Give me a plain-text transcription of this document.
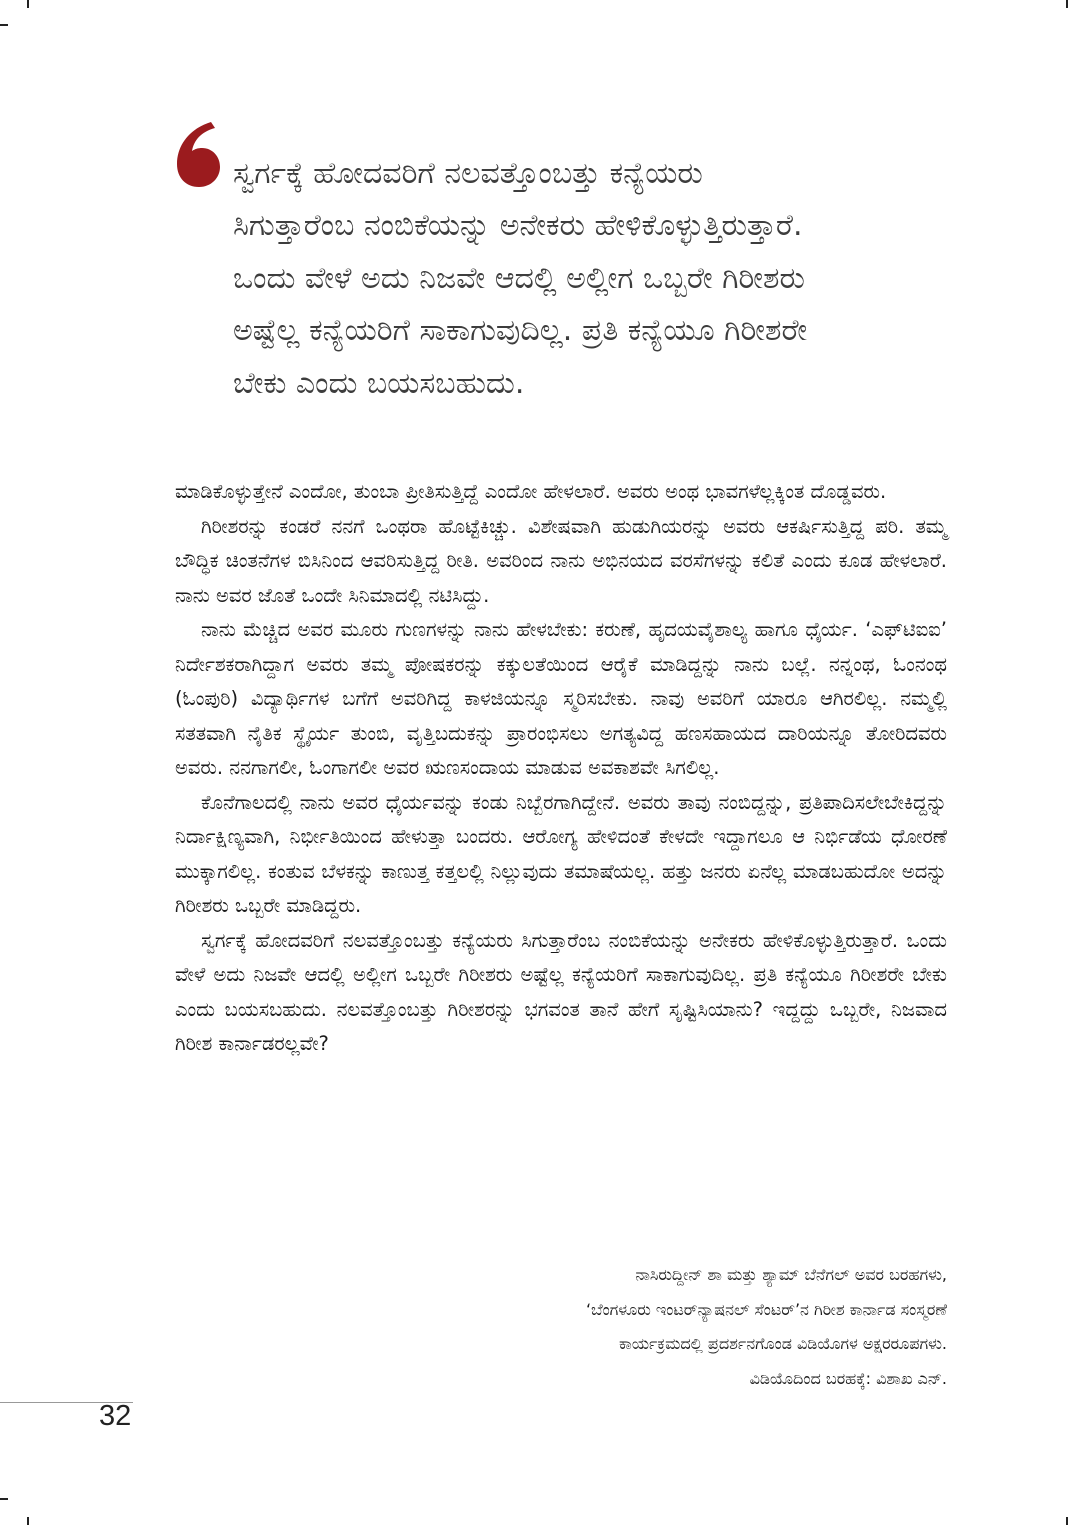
ಸ್ವರ್ಗಕ್ಕೆ ಹೋದವರಿಗೆ ನಲವತ್ತೊಂಬತ್ತು ಕನ್ಯೆಯರು
ಸಿಗುತ್ತಾರೆಂಬ ನಂಬಿಕೆಯನ್ನು ಅನೇಕರು ಹೇಳಿಕೊಳ್ಳುತ್ತಿರುತ್ತಾರೆ.
ಒಂದು ವೇಳೆ ಅದು ನಿಜವೇ ಆದಲ್ಲಿ ಅಲ್ಲೀಗ ಒಬ್ಬರೇ ಗಿರೀಶರು
ಅಷ್ಟೆಲ್ಲ ಕನ್ಯೆಯರಿಗೆ ಸಾಕಾಗುವುದಿಲ್ಲ. ಪ್ರತಿ ಕನ್ಯೆಯೂ ಗಿರೀಶರೇ
ಬೇಕು ಎಂದು ಬಯಸಬಹುದು.

ಮಾಡಿಕೊಳ್ಳುತ್ತೇನೆ ಎಂದೋ, ತುಂಬಾ ಪ್ರೀತಿಸುತ್ತಿದ್ದೆ ಎಂದೋ ಹೇಳಲಾರೆ. ಅವರು ಅಂಥ ಭಾವಗಳೆಲ್ಲಕ್ಕಿಂತ ದೊಡ್ಡವರು.

ಗಿರೀಶರನ್ನು ಕಂಡರೆ ನನಗೆ ಒಂಥರಾ ಹೊಟ್ಟೆಕಿಚ್ಚು. ವಿಶೇಷವಾಗಿ ಹುಡುಗಿಯರನ್ನು ಅವರು ಆಕರ್ಷಿಸುತ್ತಿದ್ದ ಪರಿ. ತಮ್ಮ ಬೌದ್ಧಿಕ ಚಿಂತನೆಗಳ ಬಿಸಿನಿಂದ ಆವರಿಸುತ್ತಿದ್ದ ರೀತಿ. ಅವರಿಂದ ನಾನು ಅಭಿನಯದ ವರಸೆಗಳನ್ನು ಕಲಿತೆ ಎಂದು ಕೂಡ ಹೇಳಲಾರೆ. ನಾನು ಅವರ ಜೊತೆ ಒಂದೇ ಸಿನಿಮಾದಲ್ಲಿ ನಟಿಸಿದ್ದು.

ನಾನು ಮೆಚ್ಚಿದ ಅವರ ಮೂರು ಗುಣಗಳನ್ನು ನಾನು ಹೇಳಬೇಕು: ಕರುಣೆ, ಹೃದಯವೈಶಾಲ್ಯ ಹಾಗೂ ಧೈರ್ಯ. ‘ಎಫ್‌ಟಿಐಐ’ ನಿರ್ದೇಶಕರಾಗಿದ್ದಾಗ ಅವರು ತಮ್ಮ ಪೋಷಕರನ್ನು ಕಕ್ಕುಲತೆಯಿಂದ ಆರೈಕೆ ಮಾಡಿದ್ದನ್ನು ನಾನು ಬಲ್ಲೆ. ನನ್ನಂಥ, ಓಂನಂಥ (ಓಂಪುರಿ) ವಿದ್ಯಾರ್ಥಿಗಳ ಬಗೆಗೆ ಅವರಿಗಿದ್ದ ಕಾಳಜಿಯನ್ನೂ ಸ್ಮರಿಸಬೇಕು. ನಾವು ಅವರಿಗೆ ಯಾರೂ ಆಗಿರಲಿಲ್ಲ. ನಮ್ಮಲ್ಲಿ ಸತತವಾಗಿ ನೈತಿಕ ಸ್ಥೈರ್ಯ ತುಂಬಿ, ವೃತ್ತಿಬದುಕನ್ನು ಪ್ರಾರಂಭಿಸಲು ಅಗತ್ಯವಿದ್ದ ಹಣಸಹಾಯದ ದಾರಿಯನ್ನೂ ತೋರಿದವರು ಅವರು. ನನಗಾಗಲೀ, ಓಂಗಾಗಲೀ ಅವರ ಋಣಸಂದಾಯ ಮಾಡುವ ಅವಕಾಶವೇ ಸಿಗಲಿಲ್ಲ.

ಕೊನೆಗಾಲದಲ್ಲಿ ನಾನು ಅವರ ಧೈರ್ಯವನ್ನು ಕಂಡು ನಿಬ್ಬೆರಗಾಗಿದ್ದೇನೆ. ಅವರು ತಾವು ನಂಬಿದ್ದನ್ನು, ಪ್ರತಿಪಾದಿಸಲೇಬೇಕಿದ್ದನ್ನು ನಿರ್ದಾಕ್ಷಿಣ್ಯವಾಗಿ, ನಿರ್ಭೀತಿಯಿಂದ ಹೇಳುತ್ತಾ ಬಂದರು. ಆರೋಗ್ಯ ಹೇಳಿದಂತೆ ಕೇಳದೇ ಇದ್ದಾಗಲೂ ಆ ನಿರ್ಭಿಡೆಯ ಧೋರಣೆ ಮುಕ್ಕಾಗಲಿಲ್ಲ. ಕಂತುವ ಬೆಳಕನ್ನು ಕಾಣುತ್ತ ಕತ್ತಲಲ್ಲಿ ನಿಲ್ಲುವುದು ತಮಾಷೆಯಲ್ಲ. ಹತ್ತು ಜನರು ಏನೆಲ್ಲ ಮಾಡಬಹುದೋ ಅದನ್ನು ಗಿರೀಶರು ಒಬ್ಬರೇ ಮಾಡಿದ್ದರು.

ಸ್ವರ್ಗಕ್ಕೆ ಹೋದವರಿಗೆ ನಲವತ್ತೊಂಬತ್ತು ಕನ್ಯೆಯರು ಸಿಗುತ್ತಾರೆಂಬ ನಂಬಿಕೆಯನ್ನು ಅನೇಕರು ಹೇಳಿಕೊಳ್ಳುತ್ತಿರುತ್ತಾರೆ. ಒಂದು ವೇಳೆ ಅದು ನಿಜವೇ ಆದಲ್ಲಿ ಅಲ್ಲೀಗ ಒಬ್ಬರೇ ಗಿರೀಶರು ಅಷ್ಟೆಲ್ಲ ಕನ್ಯೆಯರಿಗೆ ಸಾಕಾಗುವುದಿಲ್ಲ. ಪ್ರತಿ ಕನ್ಯೆಯೂ ಗಿರೀಶರೇ ಬೇಕು ಎಂದು ಬಯಸಬಹುದು. ನಲವತ್ತೊಂಬತ್ತು ಗಿರೀಶರನ್ನು ಭಗವಂತ ತಾನೆ ಹೇಗೆ ಸೃಷ್ಟಿಸಿಯಾನು? ಇದ್ದದ್ದು ಒಬ್ಬರೇ, ನಿಜವಾದ ಗಿರೀಶ ಕಾರ್ನಾಡರಲ್ಲವೇ?

ನಾಸಿರುದ್ದೀನ್ ಶಾ ಮತ್ತು ಶ್ಯಾಮ್ ಬೆನೆಗಲ್ ಅವರ ಬರಹಗಳು,
‘ಬೆಂಗಳೂರು ಇಂಟರ್‌ನ್ಯಾಷನಲ್ ಸೆಂಟರ್’ನ ಗಿರೀಶ ಕಾರ್ನಾಡ ಸಂಸ್ಮರಣೆ
ಕಾರ್ಯಕ್ರಮದಲ್ಲಿ ಪ್ರದರ್ಶನಗೊಂಡ ವಿಡಿಯೊಗಳ ಅಕ್ಷರರೂಪಗಳು.
ವಿಡಿಯೊದಿಂದ ಬರಹಕ್ಕೆ: ವಿಶಾಖ ಎನ್.
32
